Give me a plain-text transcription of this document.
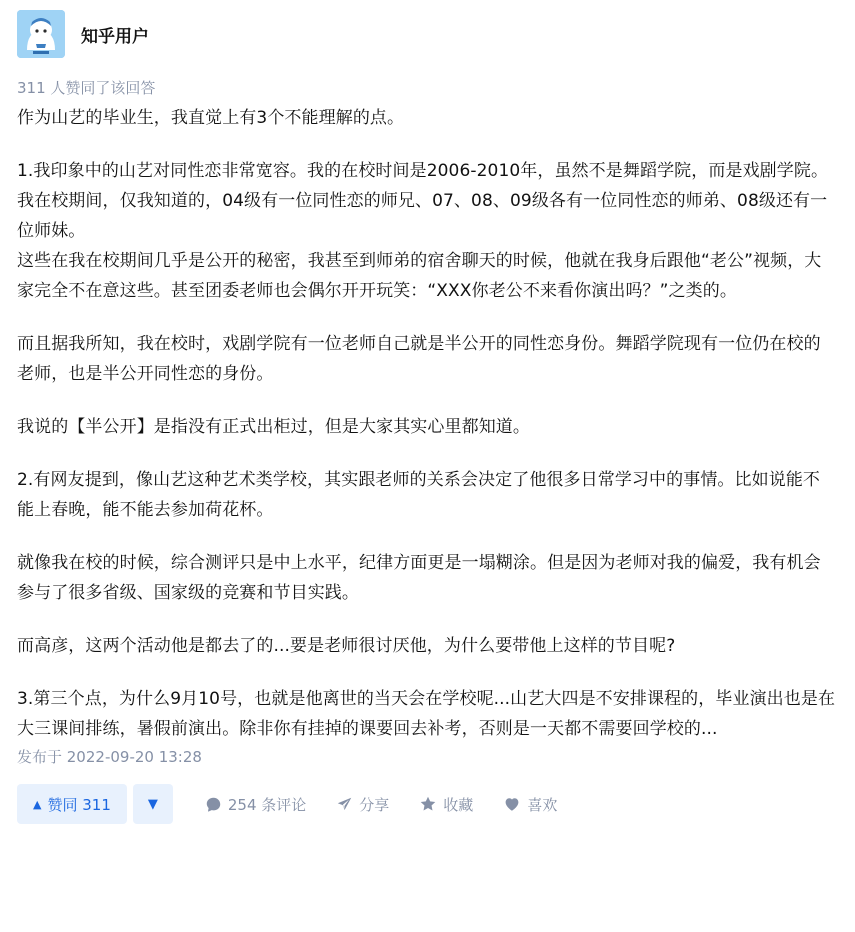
知乎用户
311 人赞同了该回答

作为山艺的毕业生，我直觉上有3个不能理解的点。

1.我印象中的山艺对同性恋非常宽容。我的在校时间是2006-2010年，虽然不是舞蹈学院，而是戏剧学院。我在校期间，仅我知道的，04级有一位同性恋的师兄、07、08、09级各有一位同性恋的师弟、08级还有一位师妹。

这些在我在校期间几乎是公开的秘密，我甚至到师弟的宿舍聊天的时候，他就在我身后跟他“老公”视频，大家完全不在意这些。甚至团委老师也会偶尔开开玩笑：“XXX你老公不来看你演出吗？”之类的。

而且据我所知，我在校时，戏剧学院有一位老师自己就是半公开的同性恋身份。舞蹈学院现有一位仍在校的老师，也是半公开同性恋的身份。

我说的【半公开】是指没有正式出柜过，但是大家其实心里都知道。

2.有网友提到，像山艺这种艺术类学校，其实跟老师的关系会决定了他很多日常学习中的事情。比如说能不能上春晚，能不能去参加荷花杯。

就像我在校的时候，综合测评只是中上水平，纪律方面更是一塌糊涂。但是因为老师对我的偏爱，我有机会参与了很多省级、国家级的竞赛和节目实践。

而高彦，这两个活动他是都去了的...要是老师很讨厌他，为什么要带他上这样的节目呢?

3.第三个点，为什么9月10号，也就是他离世的当天会在学校呢...山艺大四是不安排课程的，毕业演出也是在大三课间排练，暑假前演出。除非你有挂掉的课要回去补考，否则是一天都不需要回学校的...

发布于 2022-09-20 13:28
▲ 赞同 311	▼	254 条评论	分享	收藏	喜欢
